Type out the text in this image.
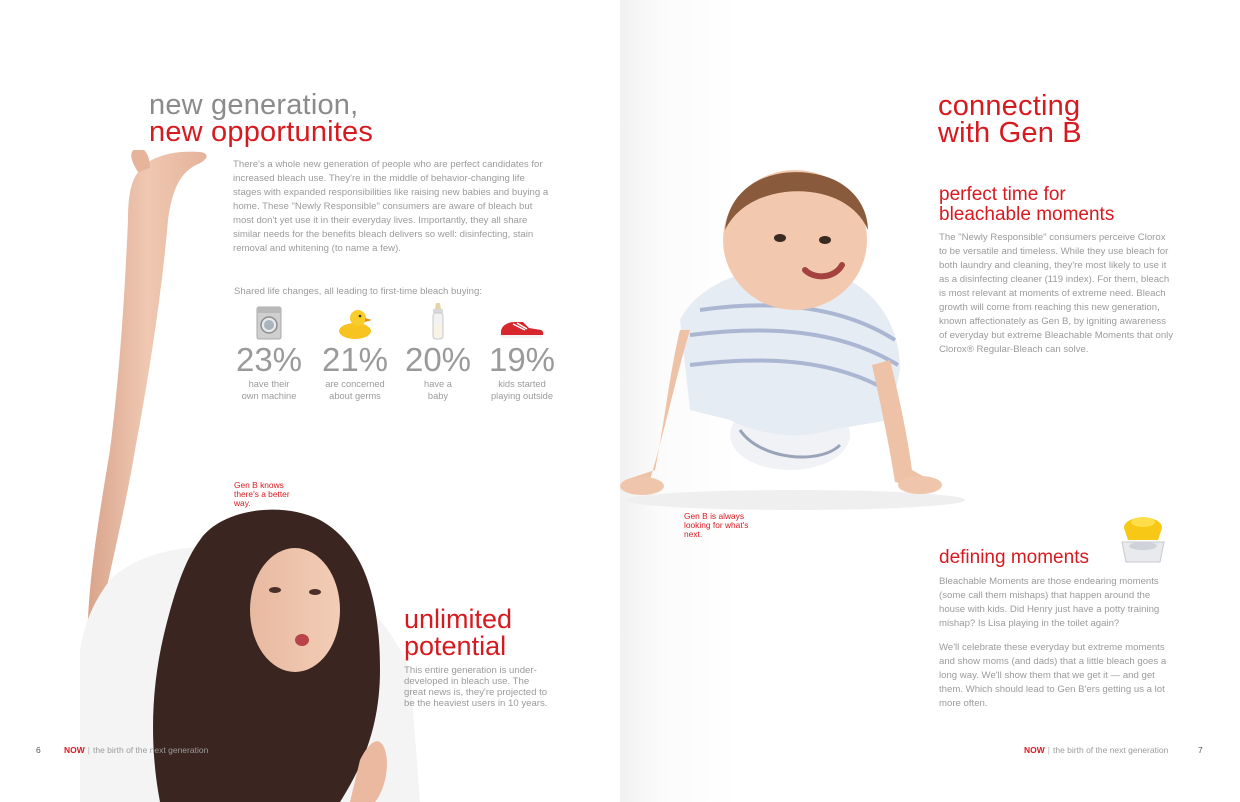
new generation,
new opportunites
There's a whole new generation of people who are perfect candidates for increased bleach use. They're in the middle of behavior-changing life stages with expanded responsibilities like raising new babies and buying a home. These "Newly Responsible" consumers are aware of bleach but most don't yet use it in their everyday lives. Importantly, they all share similar needs for the benefits bleach delivers so well: disinfecting, stain removal and whitening (to name a few).
Shared life changes, all leading to first-time bleach buying:
23%
have their
own machine
21%
are concerned
about germs
20%
have a
baby
19%
kids started
playing outside
Gen B knows there's a better way.
unlimited
potential
This entire generation is under-developed in bleach use. The great news is, they're projected to be the heaviest users in 10 years.
6	NOW | the birth of the next generation
connecting
with Gen B
perfect time for
bleachable moments
The "Newly Responsible" consumers perceive Clorox to be versatile and timeless. While they use bleach for both laundry and cleaning, they're most likely to use it as a disinfecting cleaner (119 index). For them, bleach is most relevant at moments of extreme need. Bleach growth will come from reaching this new generation, known affectionately as Gen B, by igniting awareness of everyday but extreme Bleachable Moments that only Clorox® Regular-Bleach can solve.
Gen B is always looking for what's next.
defining moments
Bleachable Moments are those endearing moments (some call them mishaps) that happen around the house with kids. Did Henry just have a potty training mishap? Is Lisa playing in the toilet again?
We'll celebrate these everyday but extreme moments and show moms (and dads) that a little bleach goes a long way. We'll show them that we get it — and get them. Which should lead to Gen B'ers getting us a lot more often.
NOW | the birth of the next generation	7
